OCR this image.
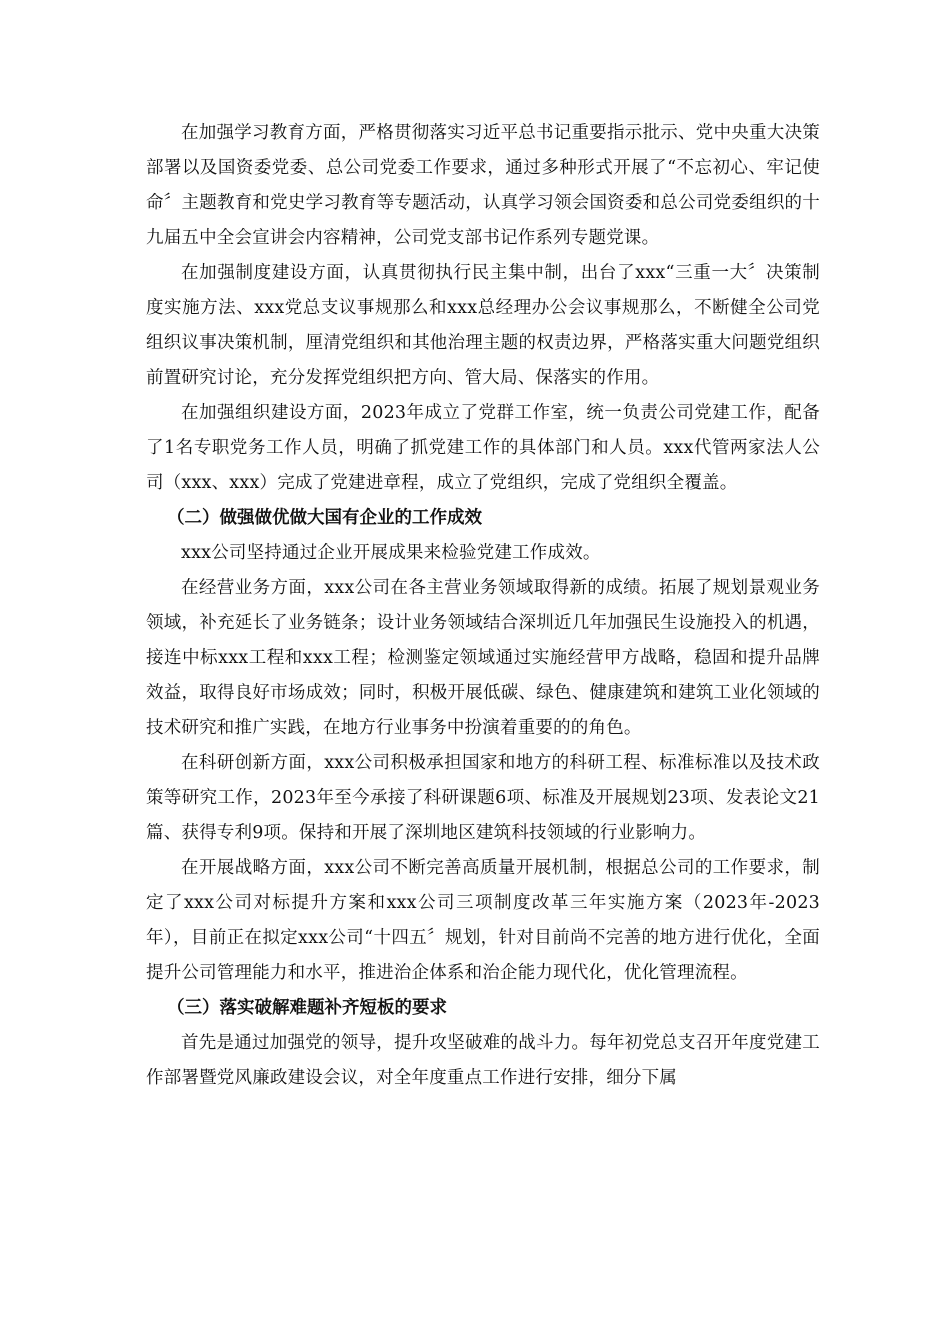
在加强学习教育方面，严格贯彻落实习近平总书记重要指示批示、党中央重大决策部署以及国资委党委、总公司党委工作要求，通过多种形式开展了“不忘初心、牢记使命〞主题教育和党史学习教育等专题活动，认真学习领会国资委和总公司党委组织的十九届五中全会宣讲会内容精神，公司党支部书记作系列专题党课。

在加强制度建设方面，认真贯彻执行民主集中制，出台了xxx“三重一大〞决策制度实施方法、xxx党总支议事规那么和xxx总经理办公会议事规那么，不断健全公司党组织议事决策机制，厘清党组织和其他治理主题的权责边界，严格落实重大问题党组织前置研究讨论，充分发挥党组织把方向、管大局、保落实的作用。

在加强组织建设方面，2023年成立了党群工作室，统一负责公司党建工作，配备了1名专职党务工作人员，明确了抓党建工作的具体部门和人员。xxx代管两家法人公司（xxx、xxx）完成了党建进章程，成立了党组织，完成了党组织全覆盖。

（二）做强做优做大国有企业的工作成效

xxx公司坚持通过企业开展成果来检验党建工作成效。

在经营业务方面，xxx公司在各主营业务领域取得新的成绩。拓展了规划景观业务领域，补充延长了业务链条；设计业务领域结合深圳近几年加强民生设施投入的机遇，接连中标xxx工程和xxx工程；检测鉴定领域通过实施经营甲方战略，稳固和提升品牌效益，取得良好市场成效；同时，积极开展低碳、绿色、健康建筑和建筑工业化领域的技术研究和推广实践，在地方行业事务中扮演着重要的的角色。

在科研创新方面，xxx公司积极承担国家和地方的科研工程、标准标准以及技术政策等研究工作，2023年至今承接了科研课题6项、标准及开展规划23项、发表论文21篇、获得专利9项。保持和开展了深圳地区建筑科技领域的行业影响力。

在开展战略方面，xxx公司不断完善高质量开展机制，根据总公司的工作要求，制定了xxx公司对标提升方案和xxx公司三项制度改革三年实施方案（2023年-2023年），目前正在拟定xxx公司“十四五〞规划，针对目前尚不完善的地方进行优化，全面提升公司管理能力和水平，推进治企体系和治企能力现代化，优化管理流程。

（三）落实破解难题补齐短板的要求

首先是通过加强党的领导，提升攻坚破难的战斗力。每年初党总支召开年度党建工作部署暨党风廉政建设会议，对全年度重点工作进行安排，细分下属
